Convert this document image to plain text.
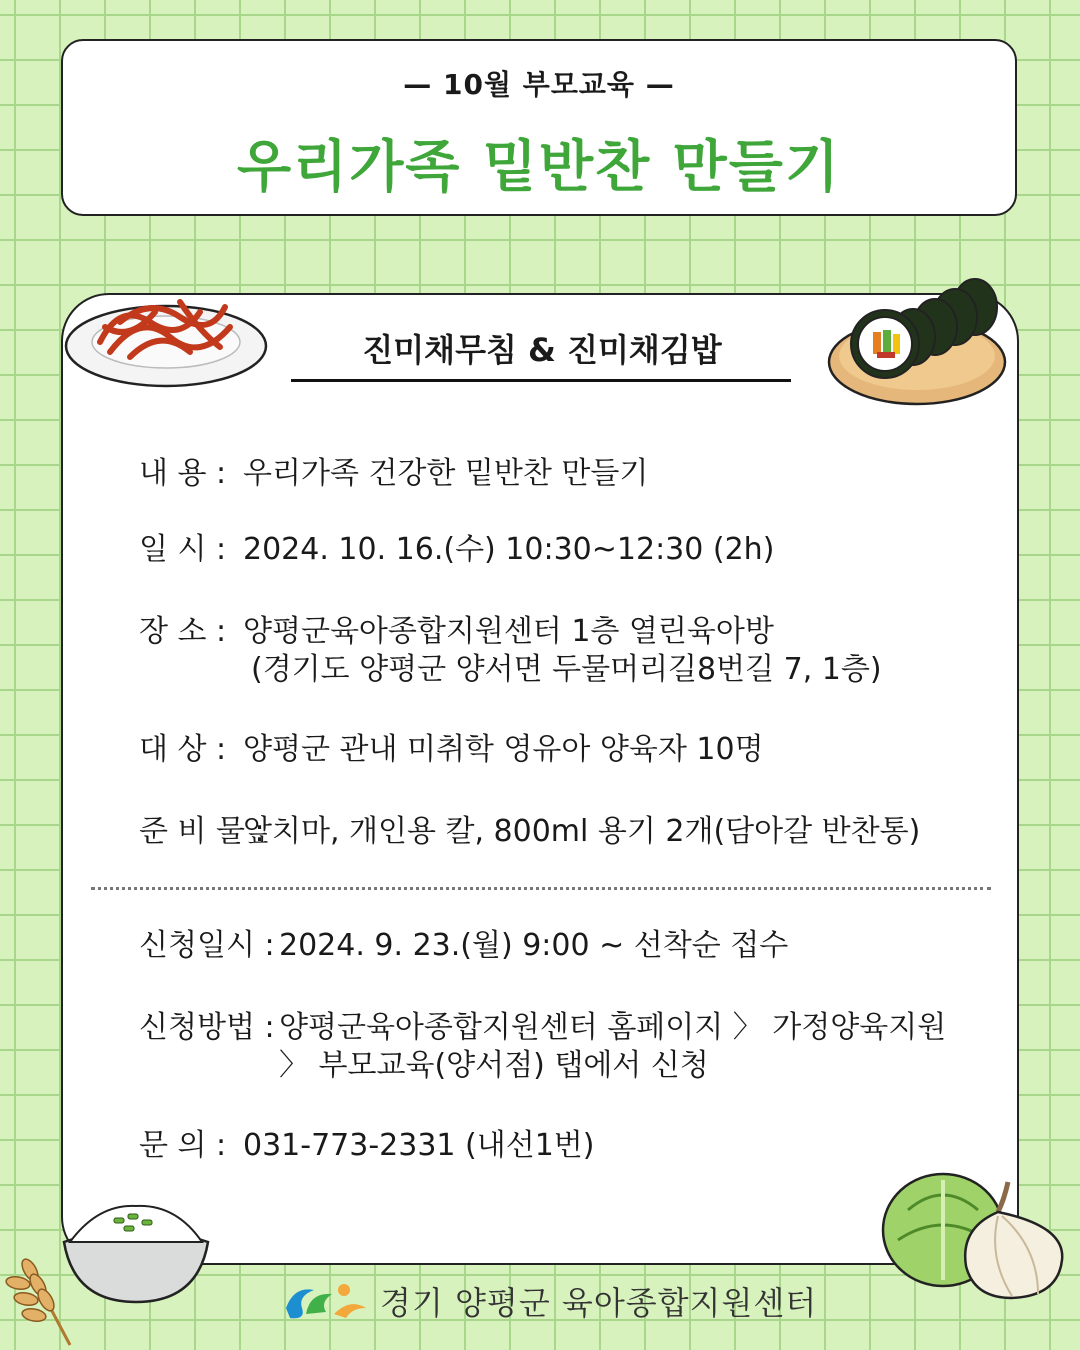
— 10월 부모교육 —
우리가족 밑반찬 만들기
진미채무침 & 진미채김밥
내 용 : 우리가족 건강한 밑반찬 만들기
일 시 : 2024. 10. 16.(수) 10:30~12:30 (2h)
장 소 : 양평군육아종합지원센터 1층 열린육아방
(경기도 양평군 양서면 두물머리길8번길 7, 1층)
대 상 : 양평군 관내 미취학 영유아 양육자 10명
준 비 물 :앞치마, 개인용 칼, 800ml 용기 2개(담아갈 반찬통)
신청일시 : 2024. 9. 23.(월) 9:00 ~ 선착순 접수
신청방법 : 양평군육아종합지원센터 홈페이지 〉 가정양육지원
〉 부모교육(양서점) 탭에서 신청
문 의 : 031-773-2331 (내선1번)
경기 양평군 육아종합지원센터
